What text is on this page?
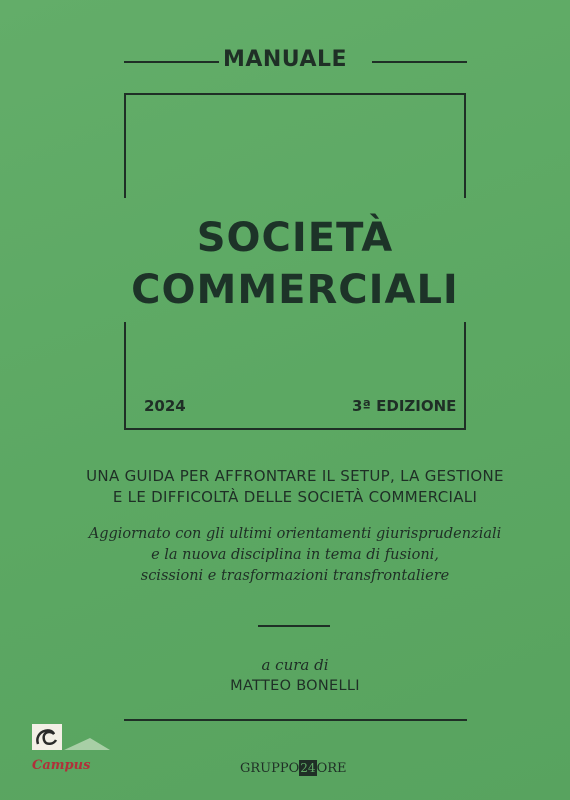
MANUALE
SOCIETÀ
COMMERCIALI
2024	3ª EDIZIONE
UNA GUIDA PER AFFRONTARE IL SETUP, LA GESTIONE
E LE DIFFICOLTÀ DELLE SOCIETÀ COMMERCIALI
Aggiornato con gli ultimi orientamenti giurisprudenziali
e la nuova disciplina in tema di fusioni,
scissioni e trasformazioni transfrontaliere
a cura di
MATTEO BONELLI
Campus	GRUPPO 24 ORE
